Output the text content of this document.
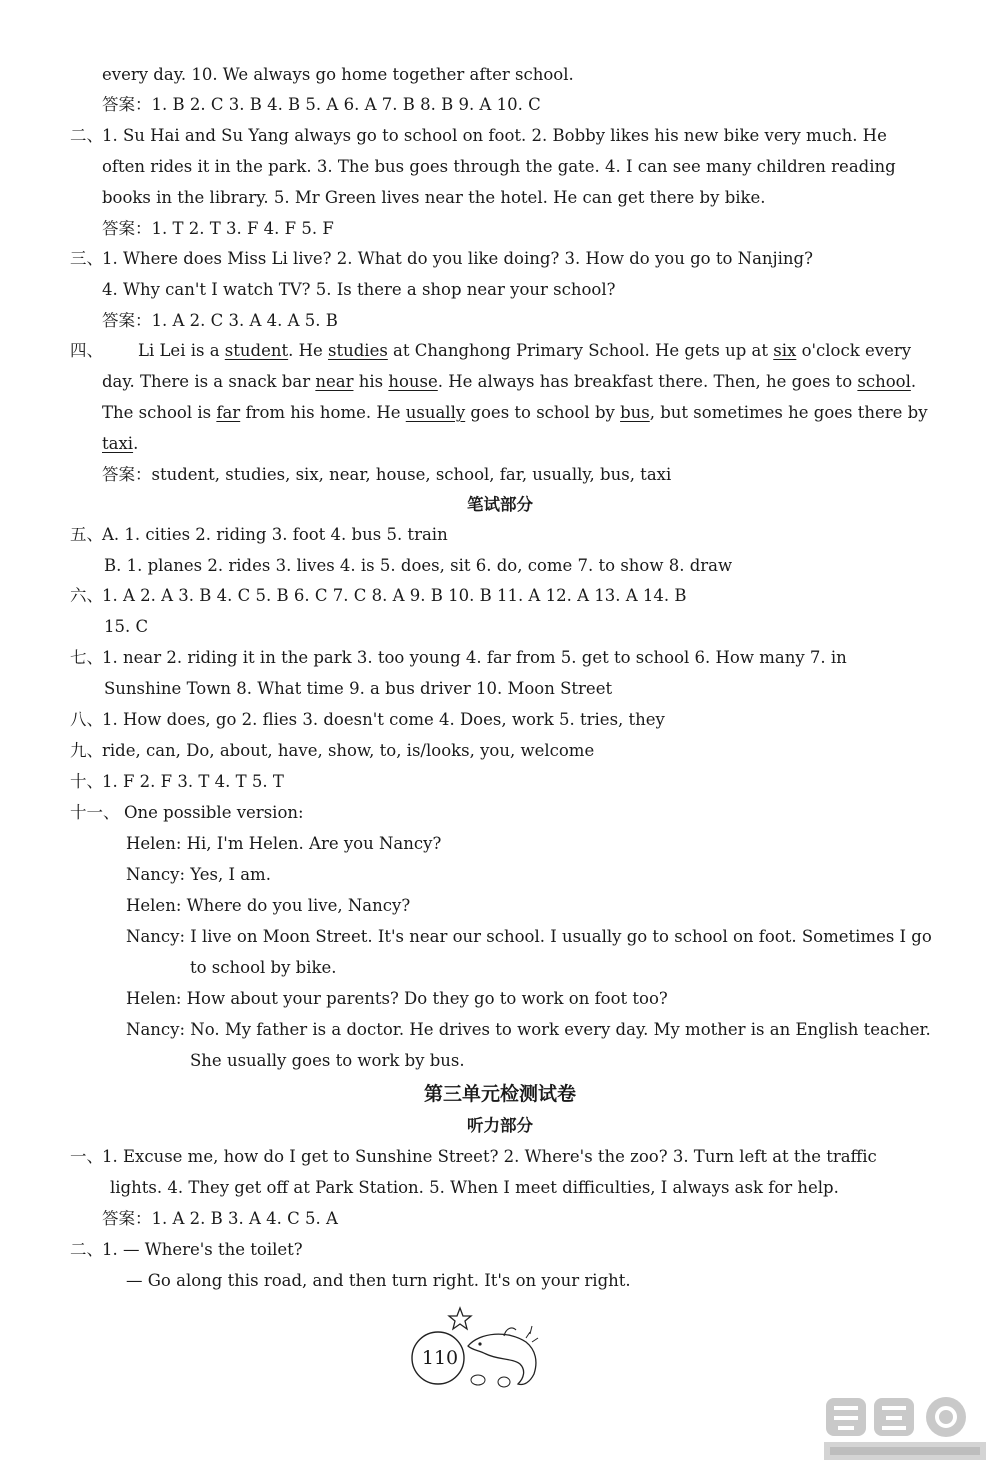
every day. 10. We always go home together after school.
答案：1. B 2. C 3. B 4. B 5. A 6. A 7. B 8. B 9. A 10. C
二、 1. Su Hai and Su Yang always go to school on foot. 2. Bobby likes his new bike very much. He
often rides it in the park. 3. The bus goes through the gate. 4. I can see many children reading
books in the library. 5. Mr Green lives near the hotel. He can get there by bike.
答案：1. T 2. T 3. F 4. F 5. F
三、 1. Where does Miss Li live? 2. What do you like doing? 3. How do you go to Nanjing?
4. Why can't I watch TV? 5. Is there a shop near your school?
答案：1. A 2. C 3. A 4. A 5. B
四、 Li Lei is a student. He studies at Changhong Primary School. He gets up at six o'clock every
day. There is a snack bar near his house. He always has breakfast there. Then, he goes to school.
The school is far from his home. He usually goes to school by bus, but sometimes he goes there by
taxi.
答案：student, studies, six, near, house, school, far, usually, bus, taxi
笔试部分
五、 A. 1. cities 2. riding 3. foot 4. bus 5. train
B. 1. planes 2. rides 3. lives 4. is 5. does, sit 6. do, come 7. to show 8. draw
六、 1. A 2. A 3. B 4. C 5. B 6. C 7. C 8. A 9. B 10. B 11. A 12. A 13. A 14. B
15. C
七、 1. near 2. riding it in the park 3. too young 4. far from 5. get to school 6. How many 7. in
Sunshine Town 8. What time 9. a bus driver 10. Moon Street
八、 1. How does, go 2. flies 3. doesn't come 4. Does, work 5. tries, they
九、 ride, can, Do, about, have, show, to, is/looks, you, welcome
十、 1. F 2. F 3. T 4. T 5. T
十一、 One possible version:
Helen: Hi, I'm Helen. Are you Nancy?
Nancy: Yes, I am.
Helen: Where do you live, Nancy?
Nancy: I live on Moon Street. It's near our school. I usually go to school on foot. Sometimes I go
to school by bike.
Helen: How about your parents? Do they go to work on foot too?
Nancy: No. My father is a doctor. He drives to work every day. My mother is an English teacher.
She usually goes to work by bus.
第三单元检测试卷
听力部分
一、 1. Excuse me, how do I get to Sunshine Street? 2. Where's the zoo? 3. Turn left at the traffic
lights. 4. They get off at Park Station. 5. When I meet difficulties, I always ask for help.
答案：1. A 2. B 3. A 4. C 5. A
二、 1. — Where's the toilet?
— Go along this road, and then turn right. It's on your right.
110
